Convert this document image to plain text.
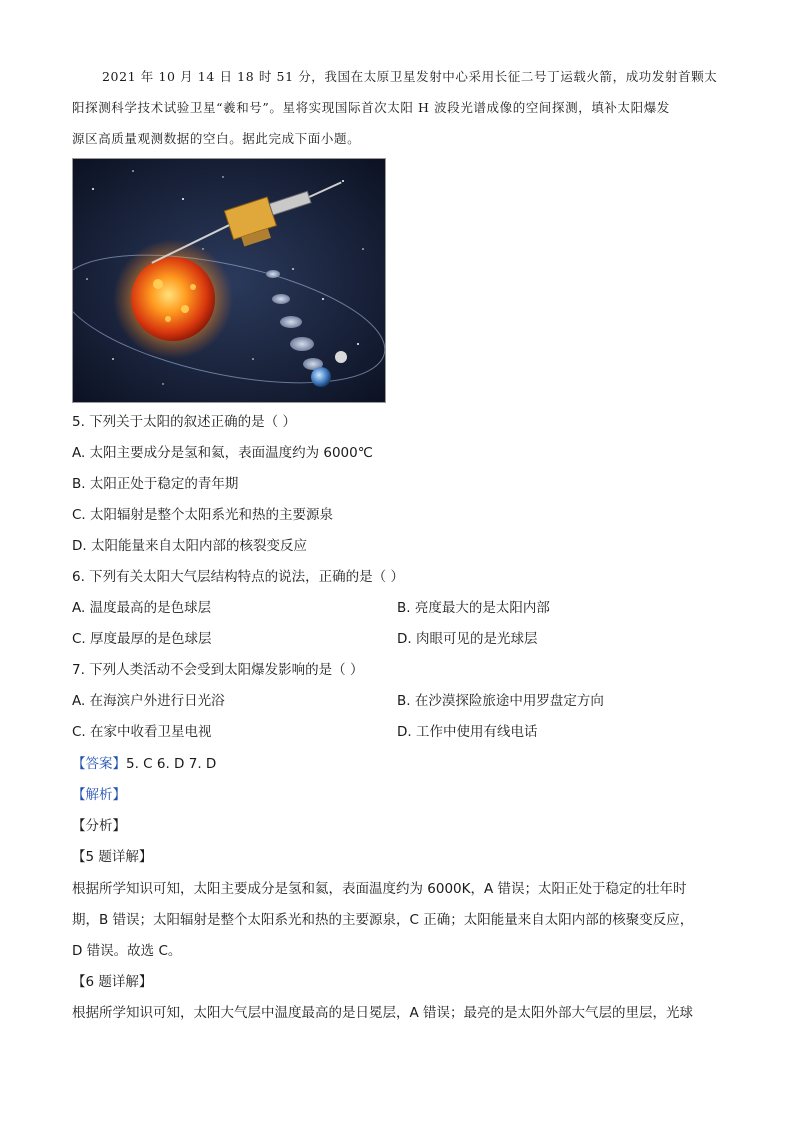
2021 年 10 月 14 日 18 时 51 分，我国在太原卫星发射中心采用长征二号丁运载火箭，成功发射首颗太
阳探测科学技术试验卫星“羲和号”。星将实现国际首次太阳 H 波段光谱成像的空间探测，填补太阳爆发
源区高质量观测数据的空白。据此完成下面小题。
5. 下列关于太阳的叙述正确的是（ ）
A. 太阳主要成分是氢和氦，表面温度约为 6000℃
B. 太阳正处于稳定的青年期
C. 太阳辐射是整个太阳系光和热的主要源泉
D. 太阳能量来自太阳内部的核裂变反应
6. 下列有关太阳大气层结构特点的说法，正确的是（ ）
A. 温度最高的是色球层	B. 亮度最大的是太阳内部
C. 厚度最厚的是色球层	D. 肉眼可见的是光球层
7. 下列人类活动不会受到太阳爆发影响的是（ ）
A. 在海滨户外进行日光浴	B. 在沙漠探险旅途中用罗盘定方向
C. 在家中收看卫星电视	D. 工作中使用有线电话
【答案】5. C 6. D 7. D
【解析】
【分析】
【5 题详解】
根据所学知识可知，太阳主要成分是氢和氦，表面温度约为 6000K，A 错误；太阳正处于稳定的壮年时
期，B 错误；太阳辐射是整个太阳系光和热的主要源泉，C 正确；太阳能量来自太阳内部的核聚变反应，
D 错误。故选 C。
【6 题详解】
根据所学知识可知，太阳大气层中温度最高的是日冕层，A 错误；最亮的是太阳外部大气层的里层，光球
